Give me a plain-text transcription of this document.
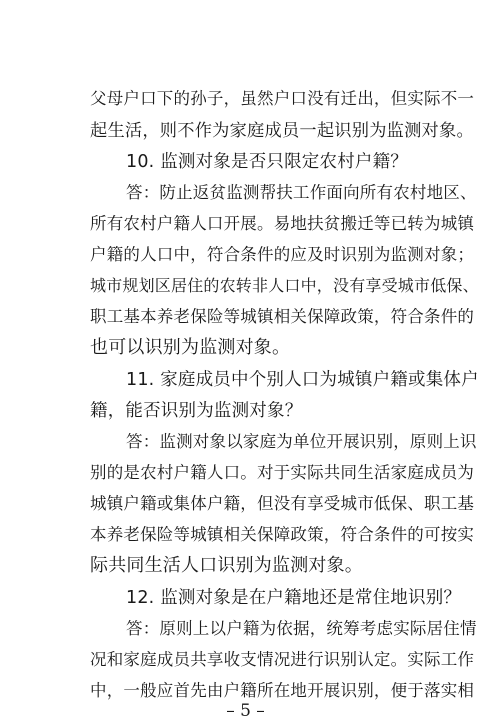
父母户口下的孙子，虽然户口没有迁出，但实际不一
起生活，则不作为家庭成员一起识别为监测对象。
10. 监测对象是否只限定农村户籍？
答：防止返贫监测帮扶工作面向所有农村地区、
所有农村户籍人口开展。易地扶贫搬迁等已转为城镇
户籍的人口中，符合条件的应及时识别为监测对象；
城市规划区居住的农转非人口中，没有享受城市低保、
职工基本养老保险等城镇相关保障政策，符合条件的
也可以识别为监测对象。
11. 家庭成员中个别人口为城镇户籍或集体户
籍，能否识别为监测对象？
答：监测对象以家庭为单位开展识别，原则上识
别的是农村户籍人口。对于实际共同生活家庭成员为
城镇户籍或集体户籍，但没有享受城市低保、职工基
本养老保险等城镇相关保障政策，符合条件的可按实
际共同生活人口识别为监测对象。
12. 监测对象是在户籍地还是常住地识别？
答：原则上以户籍为依据，统筹考虑实际居住情
况和家庭成员共享收支情况进行识别认定。实际工作
中，一般应首先由户籍所在地开展识别，便于落实相
– 5 –
